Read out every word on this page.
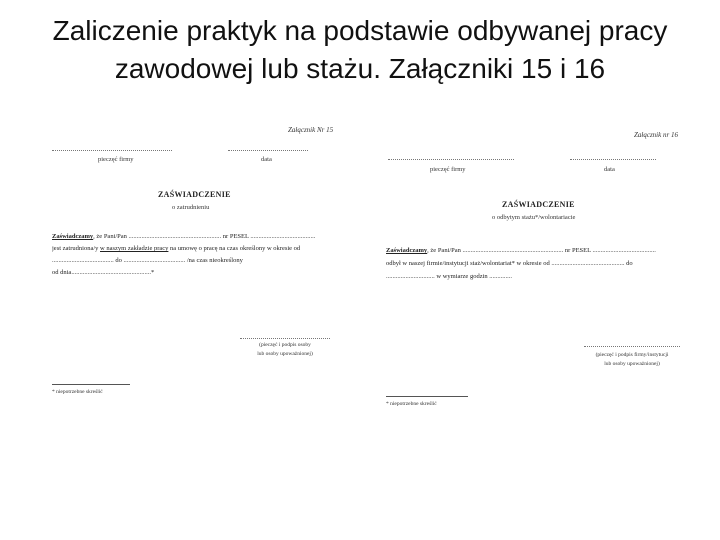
Zaliczenie praktyk na podstawie odbywanej pracy
zawodowej lub stażu. Załączniki 15 i 16
Załącznik Nr 15
pieczęć firmy	data
ZAŚWIADCZENIE
o zatrudnieniu
Zaświadczamy, że Pani/Pan ......................................................... nr PESEL ........................................
jest zatrudniona/y w naszym zakładzie pracy na umowę o pracę na czas określony w okresie od
...................................... do ...................................... /na czas nieokreślony
od dnia.................................................*
(pieczęć i podpis osoby
lub osoby upoważnionej)
* niepotrzebne skreślić
Załącznik nr 16
pieczęć firmy	data
ZAŚWIADCZENIE
o odbytym stażu*/wolontariacie
Zaświadczamy, że Pani/Pan .............................................................. nr PESEL .......................................
odbył w naszej firmie/instytucji staż/wolontariat* w okresie od ............................................. do
.............................. w wymiarze godzin ..............
(pieczęć i podpis firmy/instytucji
lub osoby upoważnionej)
* niepotrzebne skreślić
